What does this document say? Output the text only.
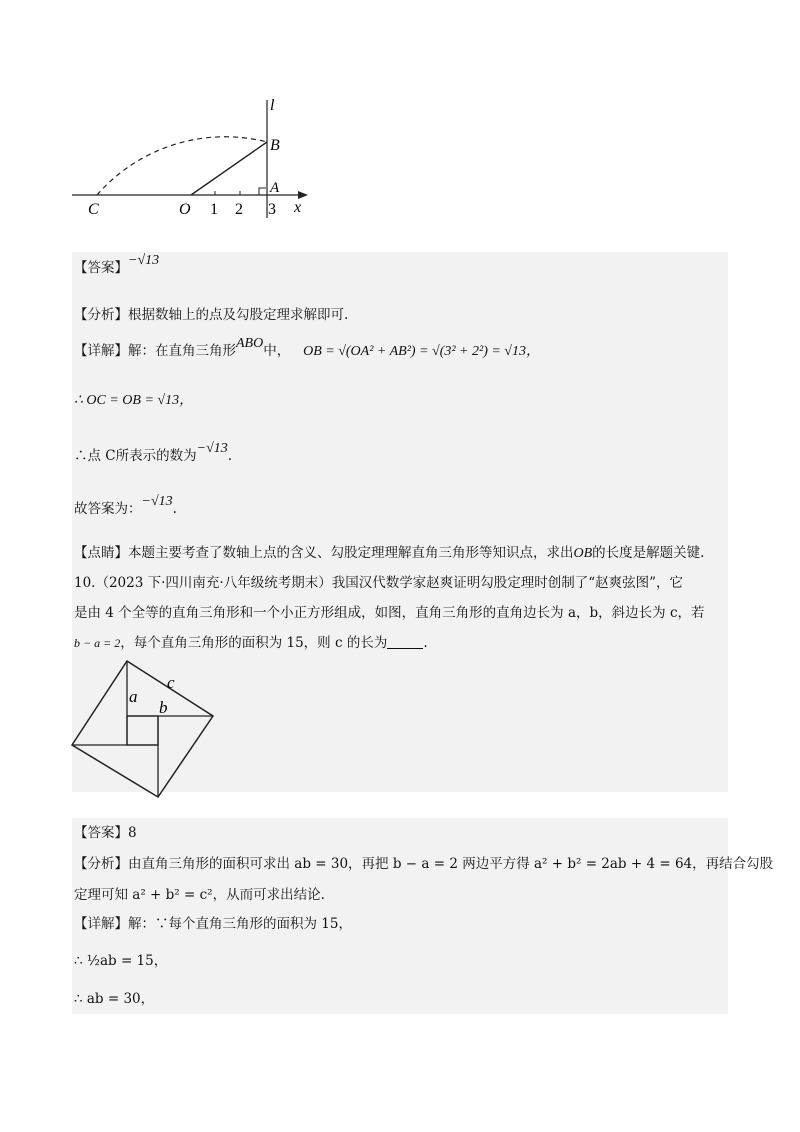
l
B
A
C	O 1 2 3 x
【答案】−√13
【分析】根据数轴上的点及勾股定理求解即可.
【详解】解：在直角三角形ABO中， OB = √(OA² + AB²) = √(3² + 2²) = √13，
∴ OC = OB = √13，
∴点 C所表示的数为−√13.
故答案为：−√13.
【点睛】本题主要考查了数轴上点的含义、勾股定理理解直角三角形等知识点，求出OB的长度是解题关键.
10.（2023 下·四川南充·八年级统考期末）我国汉代数学家赵爽证明勾股定理时创制了“赵爽弦图”，它
是由 4 个全等的直角三角形和一个小正方形组成，如图，直角三角形的直角边长为 a，b，斜边长为 c，若
b − a = 2，每个直角三角形的面积为 15，则 c 的长为	.
a
b
c
【答案】8
【分析】由直角三角形的面积可求出 ab = 30，再把 b − a = 2 两边平方得 a² + b² = 2ab + 4 = 64，再结合勾股
定理可知 a² + b² = c²，从而可求出结论.
【详解】解：∵每个直角三角形的面积为 15，
∴ ½ab = 15，
∴ ab = 30，
